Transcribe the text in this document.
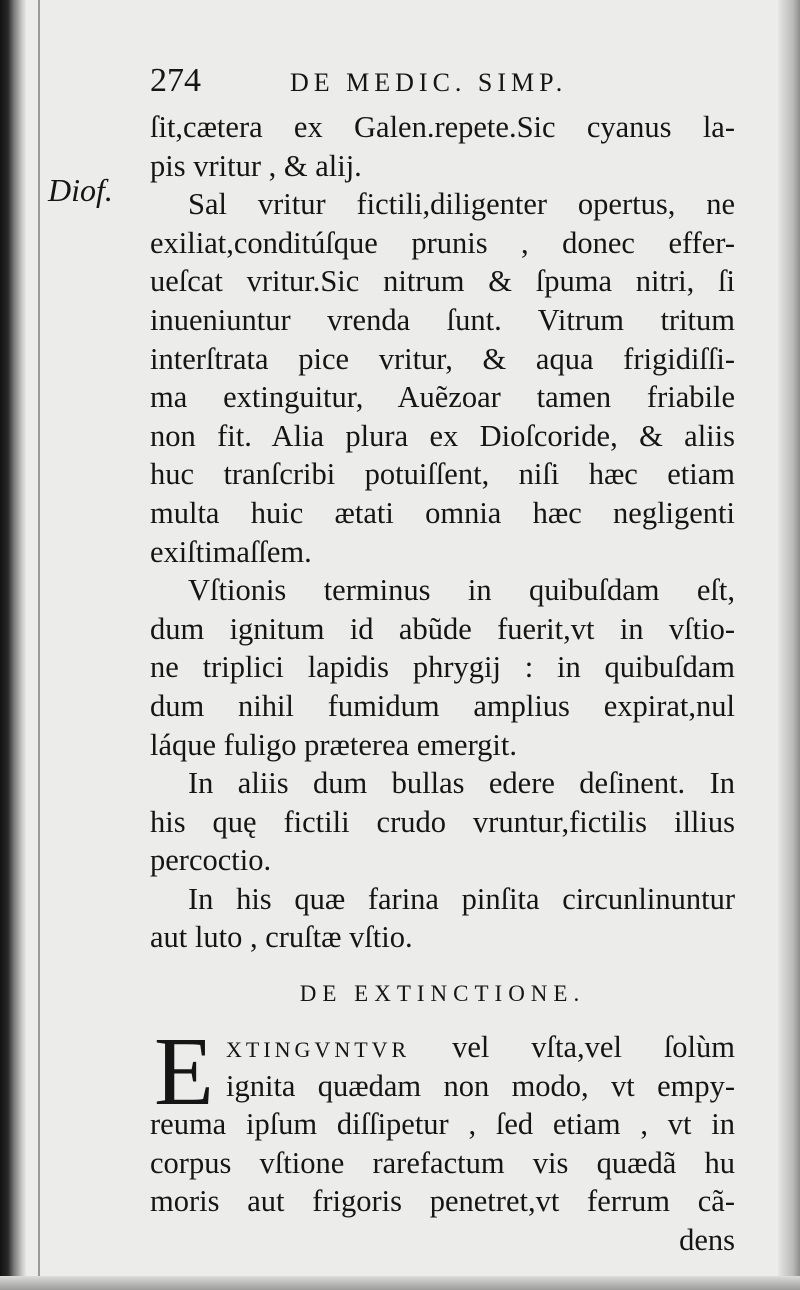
274	DE MEDIC. SIMP.
Diof.
ſit,cætera ex Galen.repete.Sic cyanus la-
pis vritur , & alij.
Sal vritur fictili,diligenter opertus, ne
exiliat,conditúſque prunis , donec effer-
ueſcat vritur.Sic nitrum & ſpuma nitri, ſi
inueniuntur vrenda ſunt. Vitrum tritum
interſtrata pice vritur, & aqua frigidiſſi-
ma extinguitur, Auẽzoar tamen friabile
non fit. Alia plura ex Dioſcoride, & aliis
huc tranſcribi potuiſſent, niſi hæc etiam
multa huic ætati omnia hæc negligenti
exiſtimaſſem.
Vſtionis terminus in quibuſdam eſt,
dum ignitum id abũde fuerit,vt in vſtio-
ne triplici lapidis phrygij : in quibuſdam
dum nihil fumidum amplius expirat,nul
láque fuligo præterea emergit.
In aliis dum bullas edere deſinent. In
his quę fictili crudo vruntur,fictilis illius
percoctio.
In his quæ farina pinſita circunlinuntur
aut luto , cruſtæ vſtio.
DE EXTINCTIONE.
E XTINGVNTVR vel vſta,vel ſolùm
ignita quædam non modo, vt empy-
reuma ipſum diſſipetur , ſed etiam , vt in
corpus vſtione rarefactum vis quædã hu
moris aut frigoris penetret,vt ferrum cã-
dens
